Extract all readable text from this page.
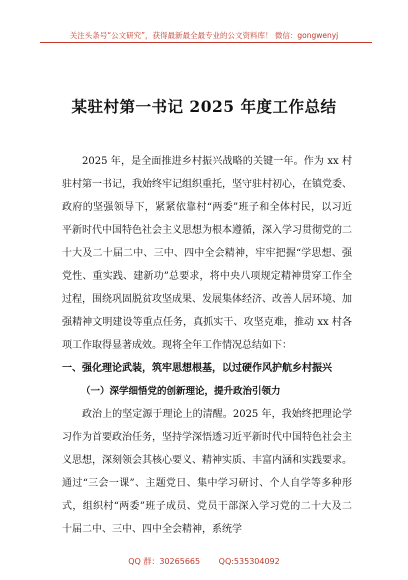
关注头条号“公文研究”，获得最新最全最专业的公文资料库！ 微信：gongwenyj
某驻村第一书记 2025 年度工作总结

2025 年，是全面推进乡村振兴战略的关键一年。作为 xx 村驻村第一书记，我始终牢记组织重托，坚守驻村初心，在镇党委、政府的坚强领导下，紧紧依靠村“两委”班子和全体村民，以习近平新时代中国特色社会主义思想为根本遵循，深入学习贯彻党的二十大及二十届二中、三中、四中全会精神，牢牢把握“学思想、强党性、重实践、建新功”总要求，将中央八项规定精神贯穿工作全过程，围绕巩固脱贫攻坚成果、发展集体经济、改善人居环境、加强精神文明建设等重点任务，真抓实干、攻坚克难，推动 xx 村各项工作取得显著成效。现将全年工作情况总结如下：

一、强化理论武装，筑牢思想根基，以过硬作风护航乡村振兴

（一）深学细悟党的创新理论，提升政治引领力

政治上的坚定源于理论上的清醒。2025 年，我始终把理论学习作为首要政治任务，坚持学深悟透习近平新时代中国特色社会主义思想，深刻领会其核心要义、精神实质、丰富内涵和实践要求。通过“三会一课”、主题党日、集中学习研讨、个人自学等多种形式，组织村“两委”班子成员、党员干部深入学习党的二十大及二十届二中、三中、四中全会精神，系统学

QQ 群：30265665 QQ:535304092
